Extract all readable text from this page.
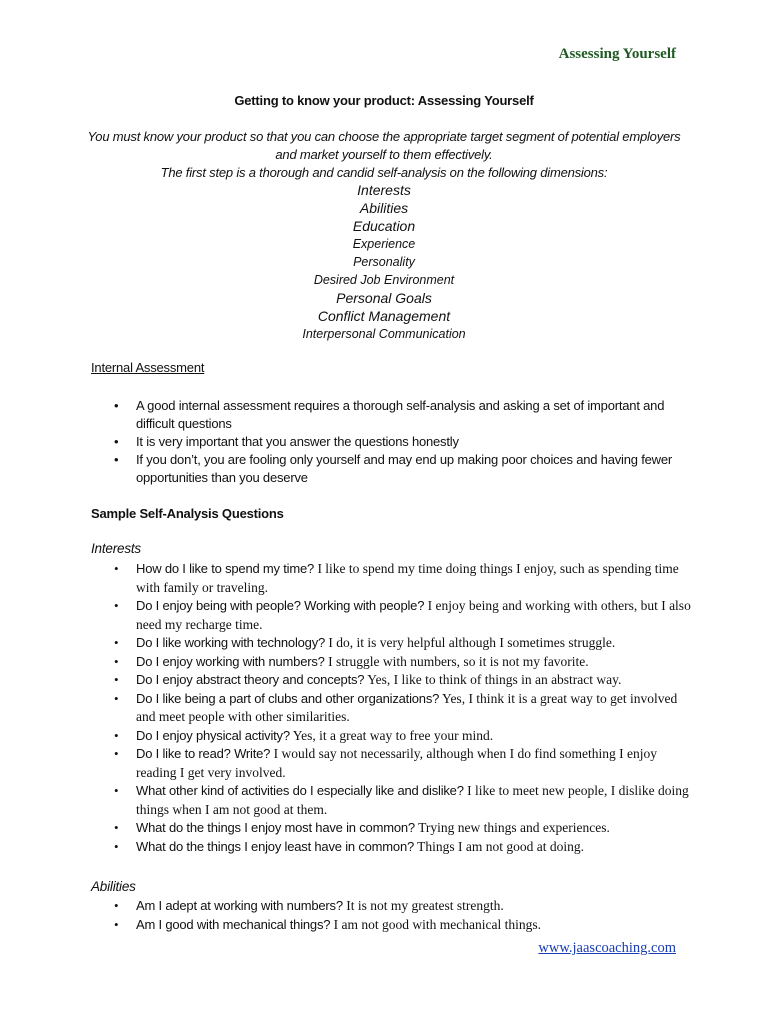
Assessing Yourself
Getting to know your product: Assessing Yourself
You must know your product so that you can choose the appropriate target segment of potential employers
and market yourself to them effectively.
The first step is a thorough and candid self-analysis on the following dimensions:
Interests
Abilities
Education
Experience
Personality
Desired Job Environment
Personal Goals
Conflict Management
Interpersonal Communication
Internal Assessment
• A good internal assessment requires a thorough self-analysis and asking a set of important and difficult questions
• It is very important that you answer the questions honestly
• If you don’t, you are fooling only yourself and may end up making poor choices and having fewer opportunities than you deserve
Sample Self-Analysis Questions
Interests
• How do I like to spend my time? I like to spend my time doing things I enjoy, such as spending time with family or traveling.
• Do I enjoy being with people? Working with people? I enjoy being and working with others, but I also need my recharge time.
• Do I like working with technology? I do, it is very helpful although I sometimes struggle.
• Do I enjoy working with numbers? I struggle with numbers, so it is not my favorite.
• Do I enjoy abstract theory and concepts? Yes, I like to think of things in an abstract way.
• Do I like being a part of clubs and other organizations? Yes, I think it is a great way to get involved and meet people with other similarities.
• Do I enjoy physical activity? Yes, it a great way to free your mind.
• Do I like to read? Write? I would say not necessarily, although when I do find something I enjoy reading I get very involved.
• What other kind of activities do I especially like and dislike? I like to meet new people, I dislike doing things when I am not good at them.
• What do the things I enjoy most have in common? Trying new things and experiences.
• What do the things I enjoy least have in common? Things I am not good at doing.
Abilities
• Am I adept at working with numbers? It is not my greatest strength.
• Am I good with mechanical things? I am not good with mechanical things.
www.jaascoaching.com
